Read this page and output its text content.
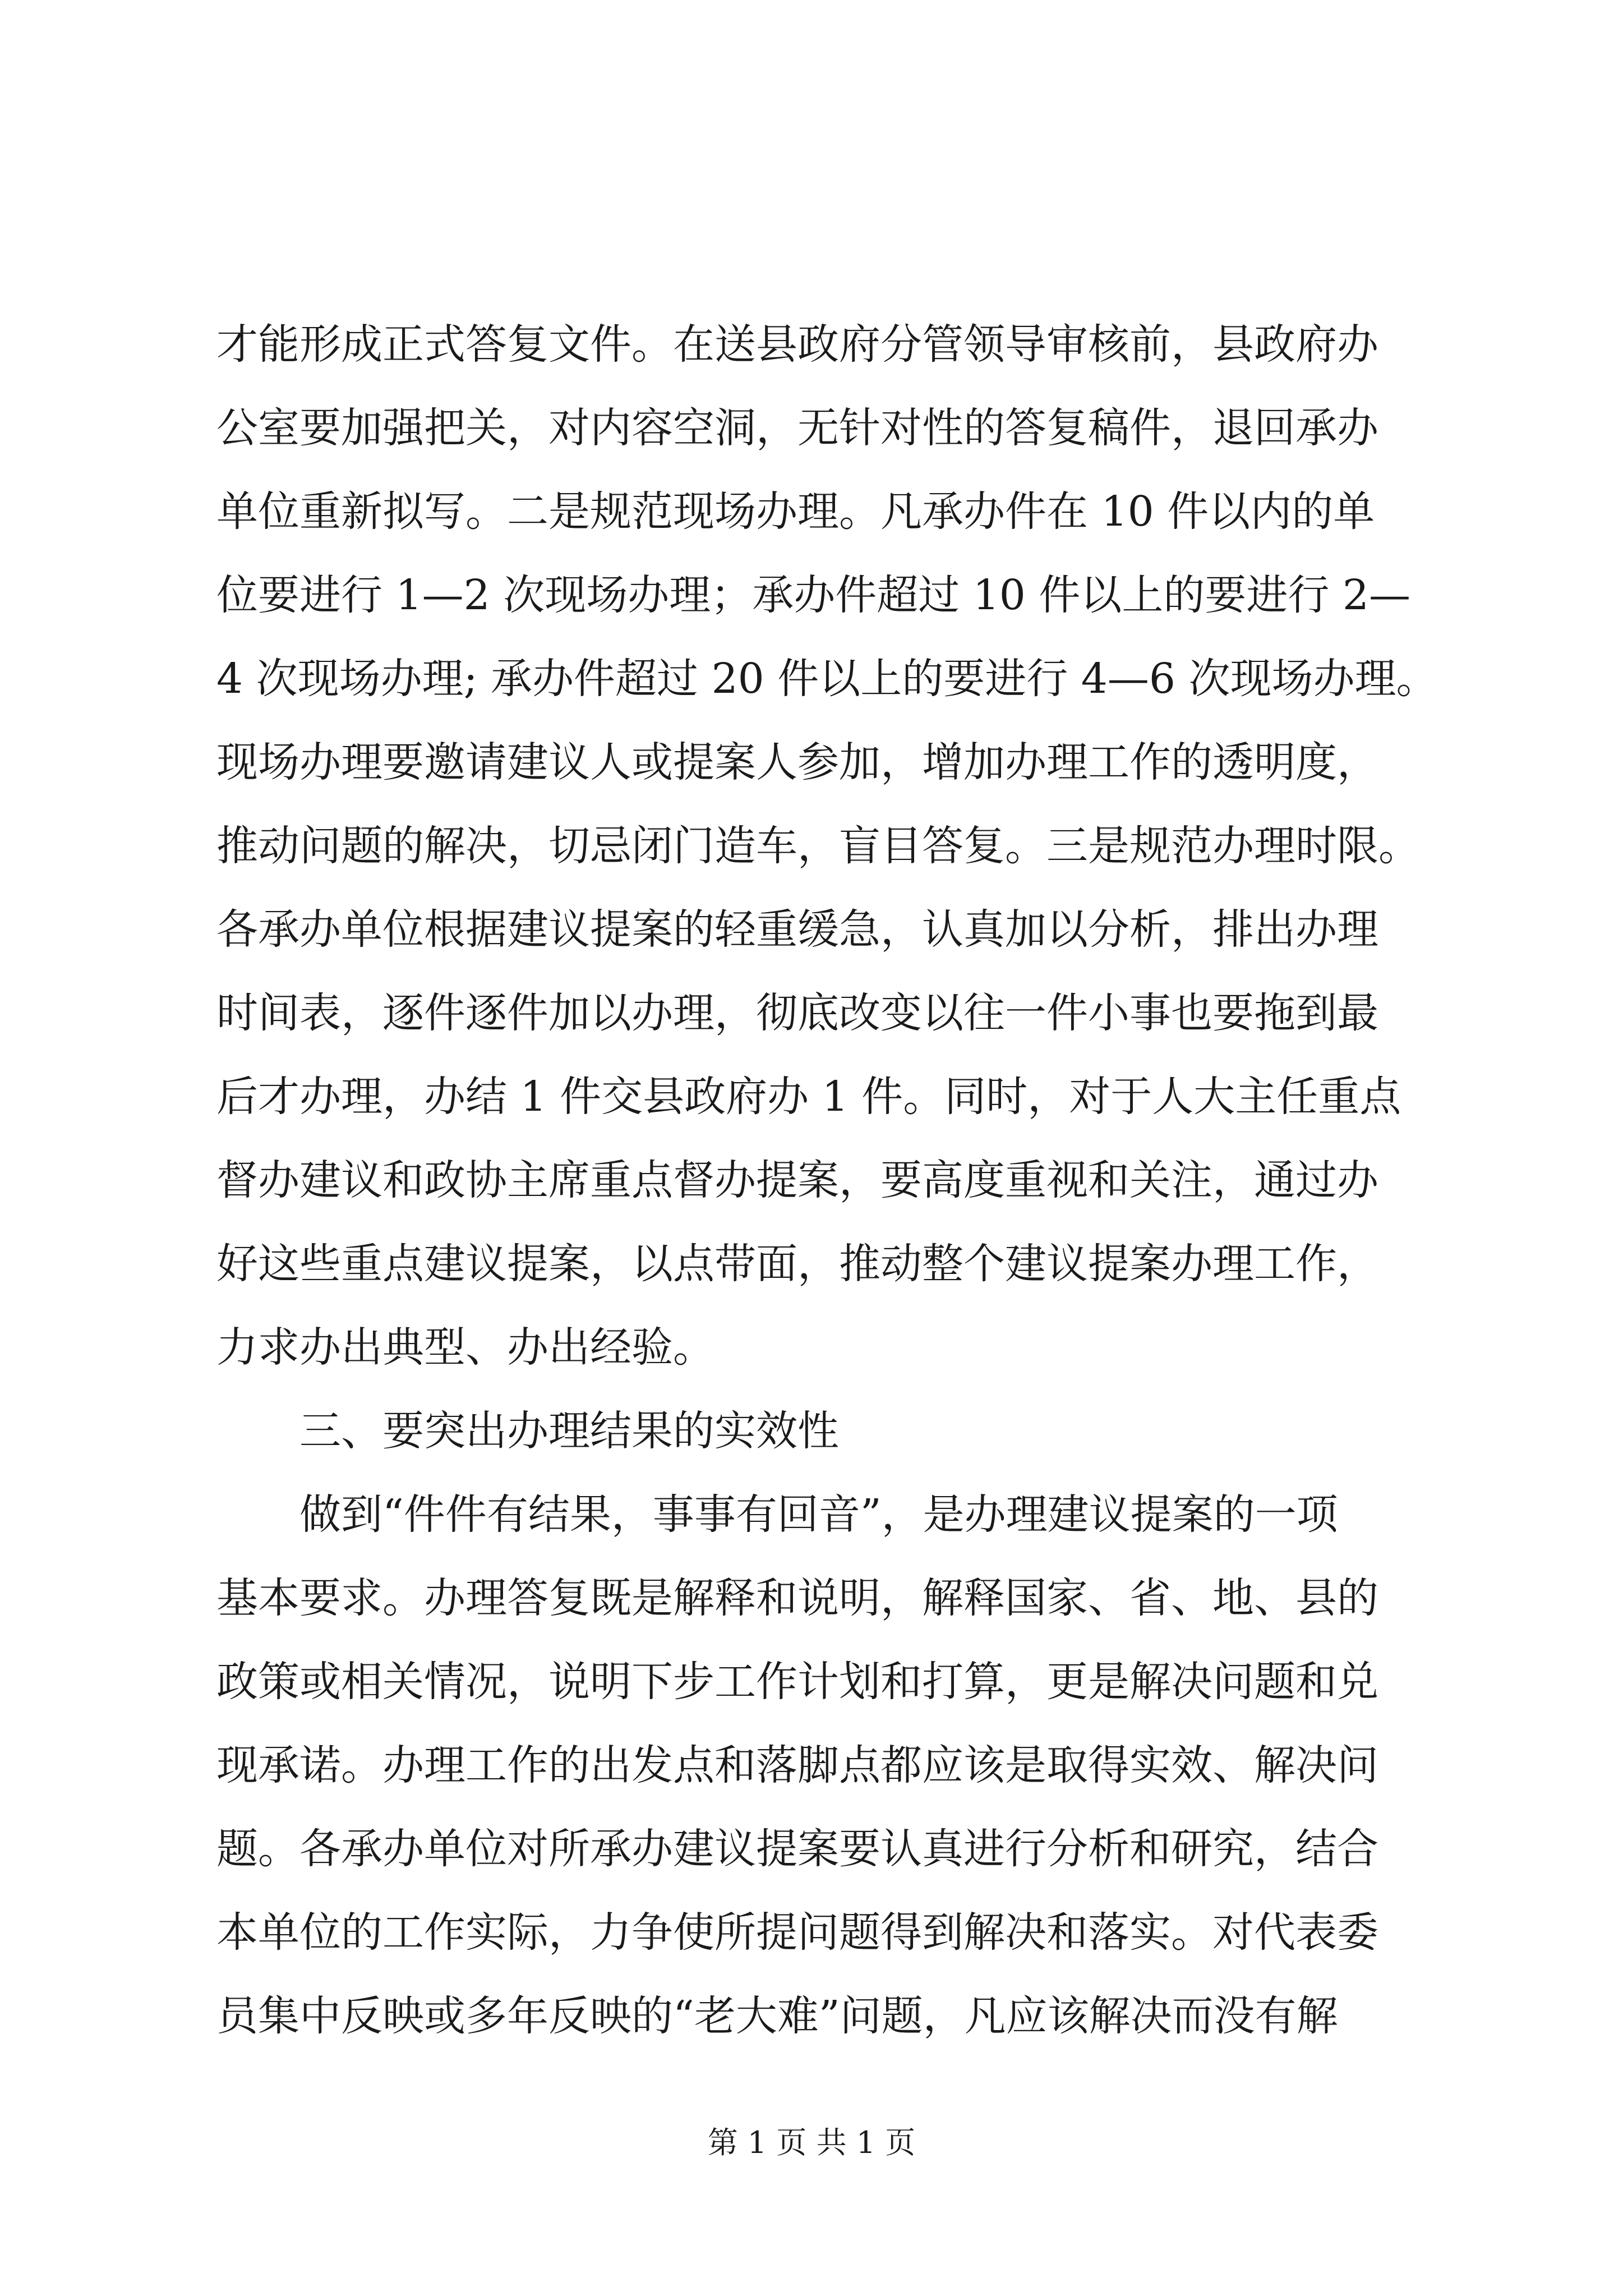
才能形成正式答复文件。在送县政府分管领导审核前，县政府办
公室要加强把关，对内容空洞，无针对性的答复稿件，退回承办
单位重新拟写。二是规范现场办理。凡承办件在 10 件以内的单
位要进行 1—2 次现场办理；承办件超过 10 件以上的要进行 2—
4 次现场办理; 承办件超过 20 件以上的要进行 4—6 次现场办理。
现场办理要邀请建议人或提案人参加，增加办理工作的透明度，
推动问题的解决，切忌闭门造车，盲目答复。三是规范办理时限。
各承办单位根据建议提案的轻重缓急，认真加以分析，排出办理
时间表，逐件逐件加以办理，彻底改变以往一件小事也要拖到最
后才办理，办结 1 件交县政府办 1 件。同时，对于人大主任重点
督办建议和政协主席重点督办提案，要高度重视和关注，通过办
好这些重点建议提案，以点带面，推动整个建议提案办理工作，
力求办出典型、办出经验。
三、要突出办理结果的实效性
做到“件件有结果，事事有回音”，是办理建议提案的一项
基本要求。办理答复既是解释和说明，解释国家、省、地、县的
政策或相关情况，说明下步工作计划和打算，更是解决问题和兑
现承诺。办理工作的出发点和落脚点都应该是取得实效、解决问
题。各承办单位对所承办建议提案要认真进行分析和研究，结合
本单位的工作实际，力争使所提问题得到解决和落实。对代表委
员集中反映或多年反映的“老大难”问题，凡应该解决而没有解
第 1 页 共 1 页
